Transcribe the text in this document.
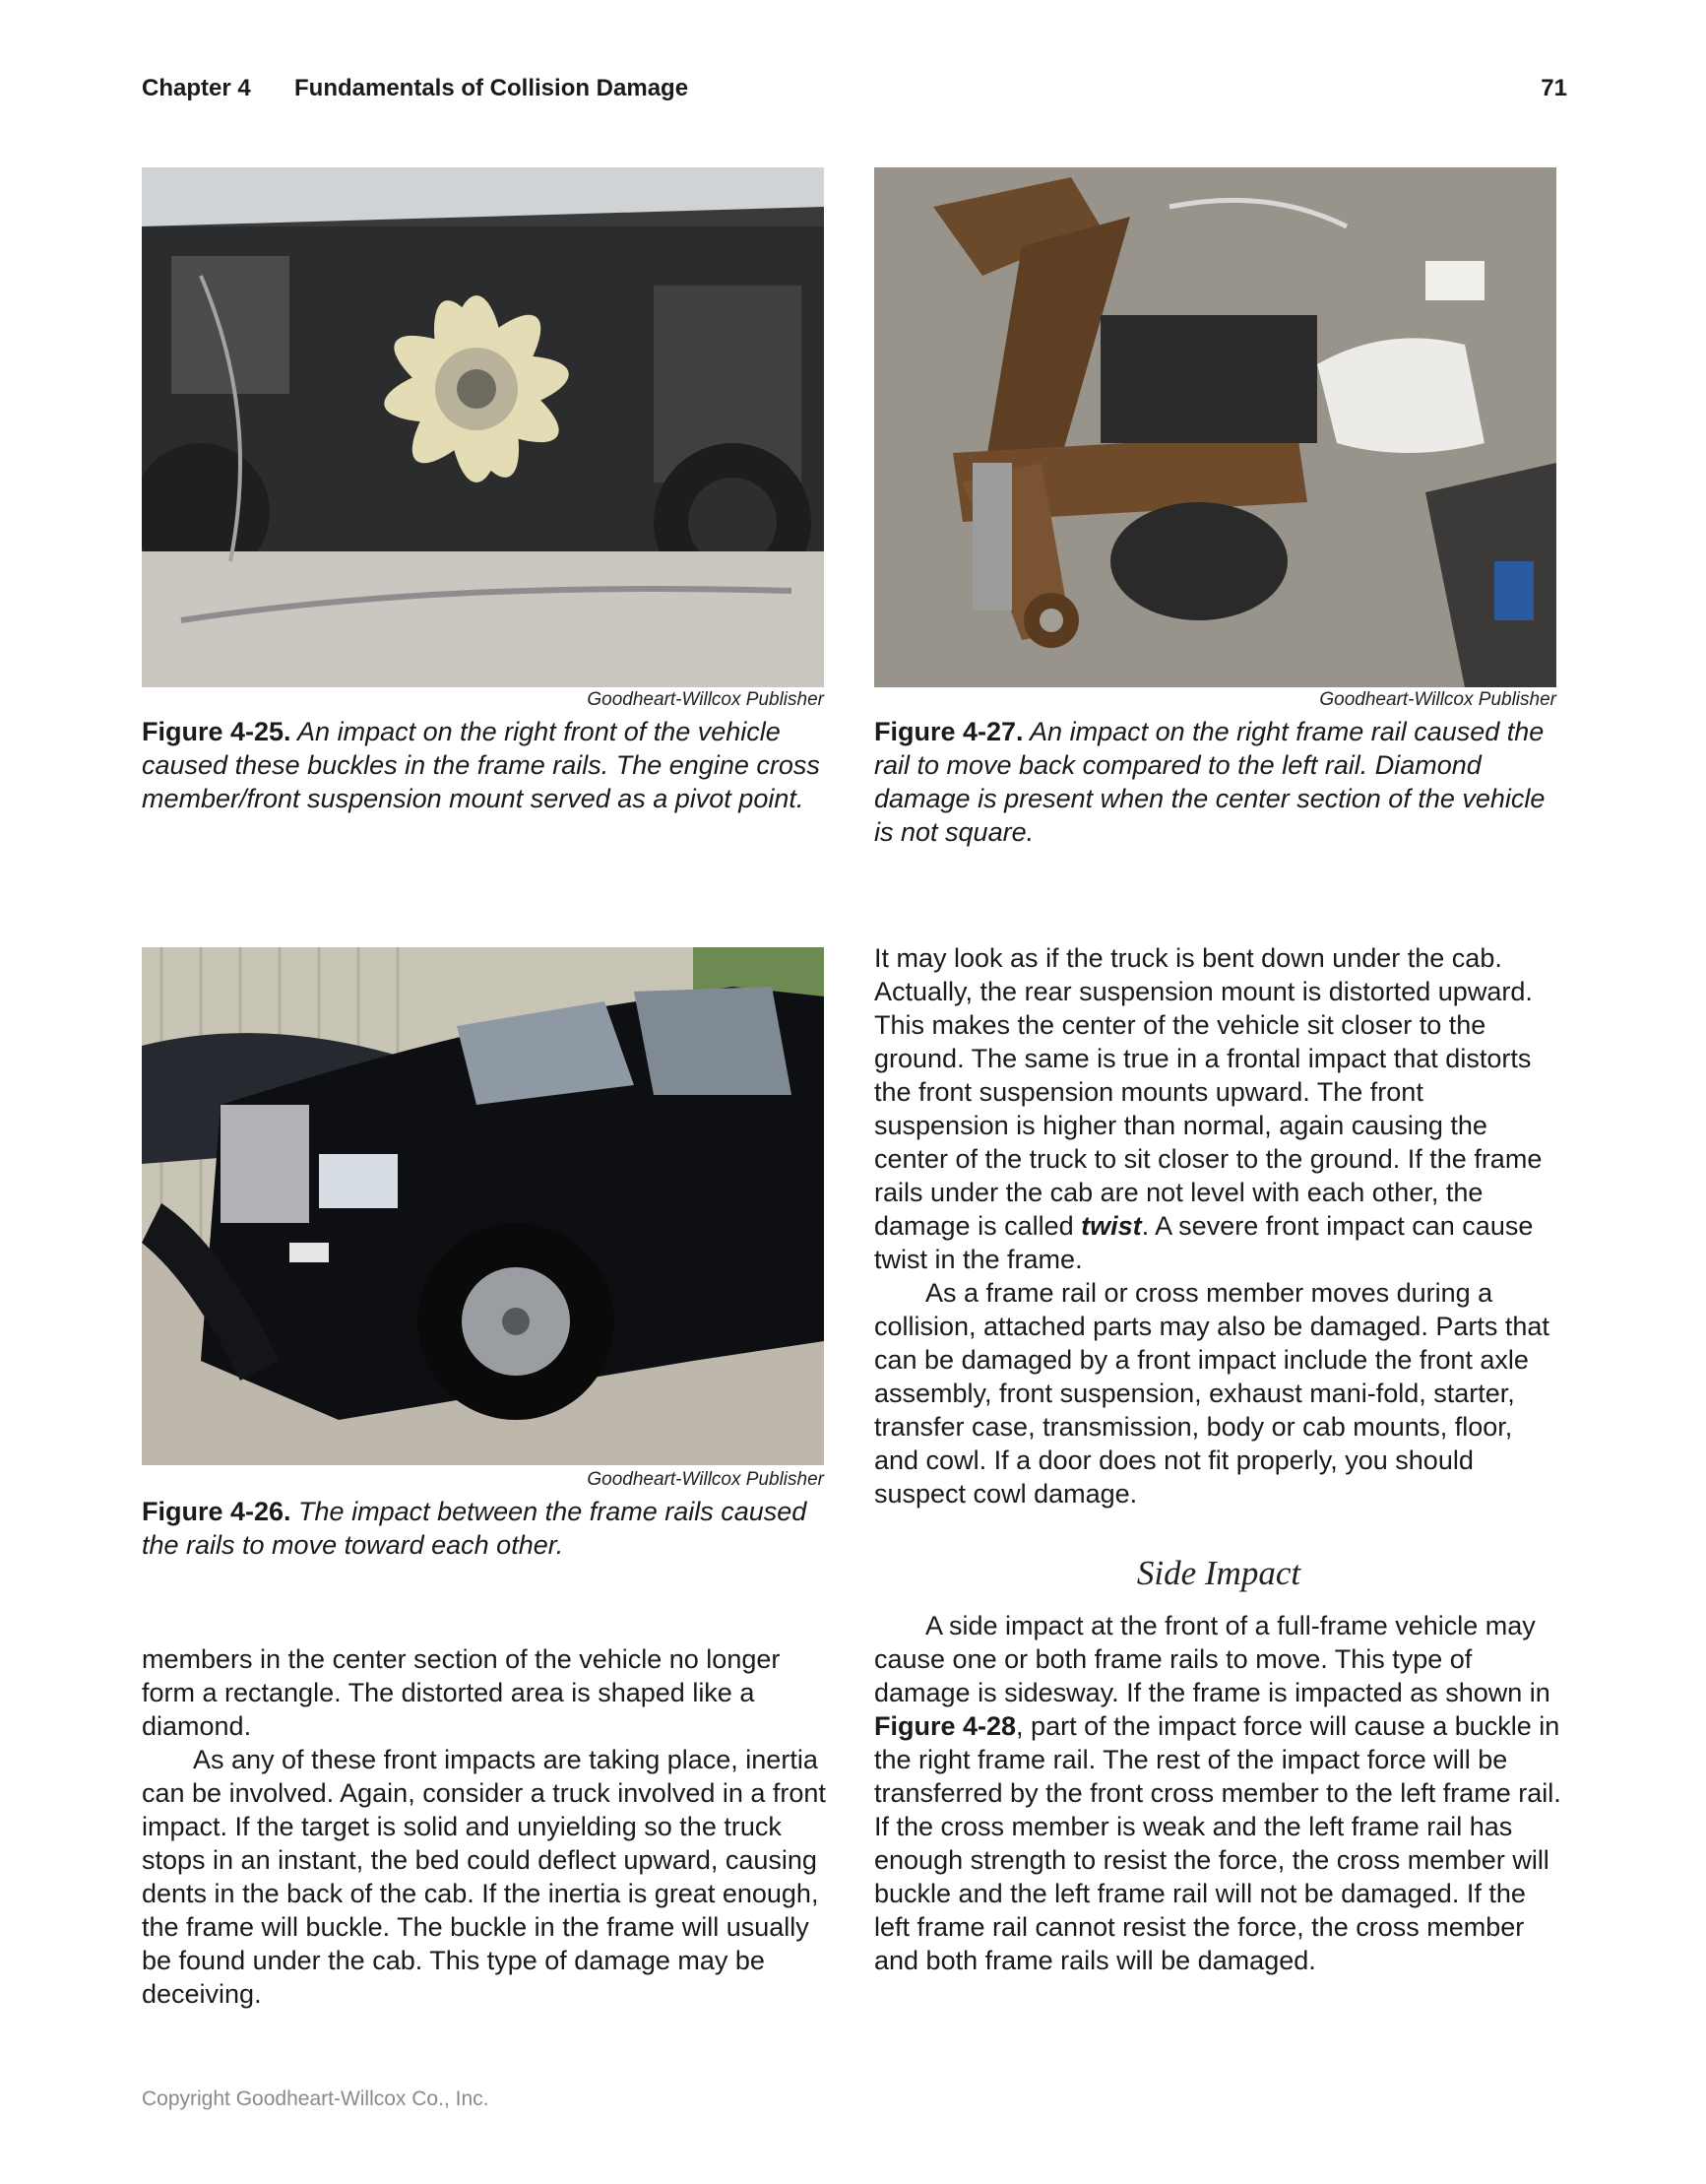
Chapter 4 Fundamentals of Collision Damage	71
Goodheart-Willcox Publisher
Figure 4-25. An impact on the right front of the vehicle caused these buckles in the frame rails. The engine cross member/front suspension mount served as a pivot point.
Goodheart-Willcox Publisher
Figure 4-27. An impact on the right frame rail caused the rail to move back compared to the left rail. Diamond damage is present when the center section of the vehicle is not square.
Goodheart-Willcox Publisher
Figure 4-26. The impact between the frame rails caused the rails to move toward each other.

members in the center section of the vehicle no longer form a rectangle. The distorted area is shaped like a diamond.

As any of these front impacts are taking place, inertia can be involved. Again, consider a truck involved in a front impact. If the target is solid and unyielding so the truck stops in an instant, the bed could deflect upward, causing dents in the back of the cab. If the inertia is great enough, the frame will buckle. The buckle in the frame will usually be found under the cab. This type of damage may be deceiving.

It may look as if the truck is bent down under the cab. Actually, the rear suspension mount is distorted upward. This makes the center of the vehicle sit closer to the ground. The same is true in a frontal impact that distorts the front suspension mounts upward. The front suspension is higher than normal, again causing the center of the truck to sit closer to the ground. If the frame rails under the cab are not level with each other, the damage is called twist. A severe front impact can cause twist in the frame.

As a frame rail or cross member moves during a collision, attached parts may also be damaged. Parts that can be damaged by a front impact include the front axle assembly, front suspension, exhaust mani-fold, starter, transfer case, transmission, body or cab mounts, floor, and cowl. If a door does not fit properly, you should suspect cowl damage.

Side Impact

A side impact at the front of a full-frame vehicle may cause one or both frame rails to move. This type of damage is sidesway. If the frame is impacted as shown in Figure 4-28, part of the impact force will cause a buckle in the right frame rail. The rest of the impact force will be transferred by the front cross member to the left frame rail. If the cross member is weak and the left frame rail has enough strength to resist the force, the cross member will buckle and the left frame rail will not be damaged. If the left frame rail cannot resist the force, the cross member and both frame rails will be damaged.

Copyright Goodheart-Willcox Co., Inc.
